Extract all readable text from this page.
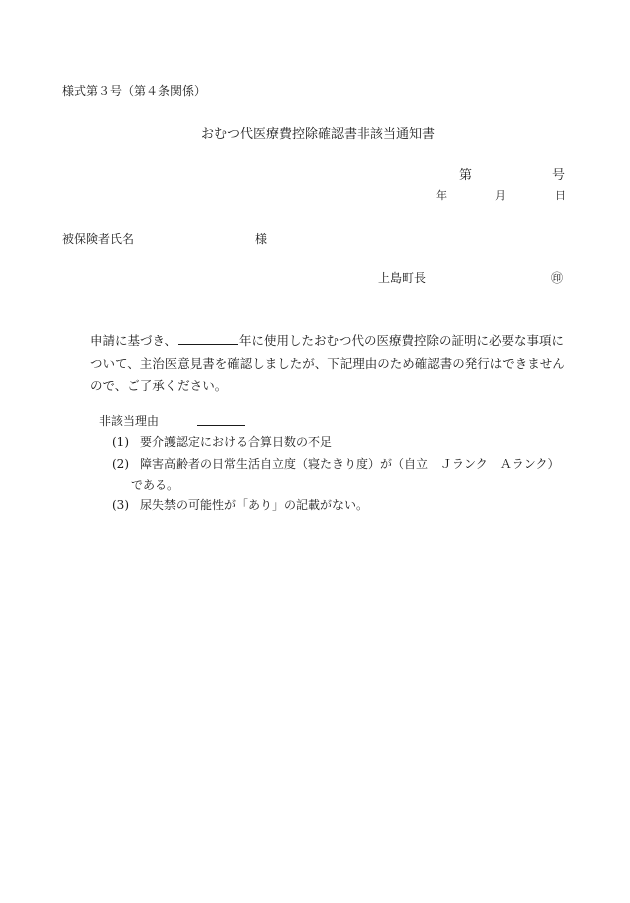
様式第３号（第４条関係）
おむつ代医療費控除確認書非該当通知書
第	号
年	月	日
被保険者氏名	様
上島町長	㊞
申請に基づき、	年に使用したおむつ代の医療費控除の証明に必要な事項に
ついて、主治医意見書を確認しましたが、下記理由のため確認書の発行はできません
ので、ご了承ください。
非該当理由
(1) 要介護認定における合算日数の不足
(2) 障害高齢者の日常生活自立度（寝たきり度）が（自立　Ｊランク　Ａランク）
である。
(3) 尿失禁の可能性が「あり」の記載がない。
